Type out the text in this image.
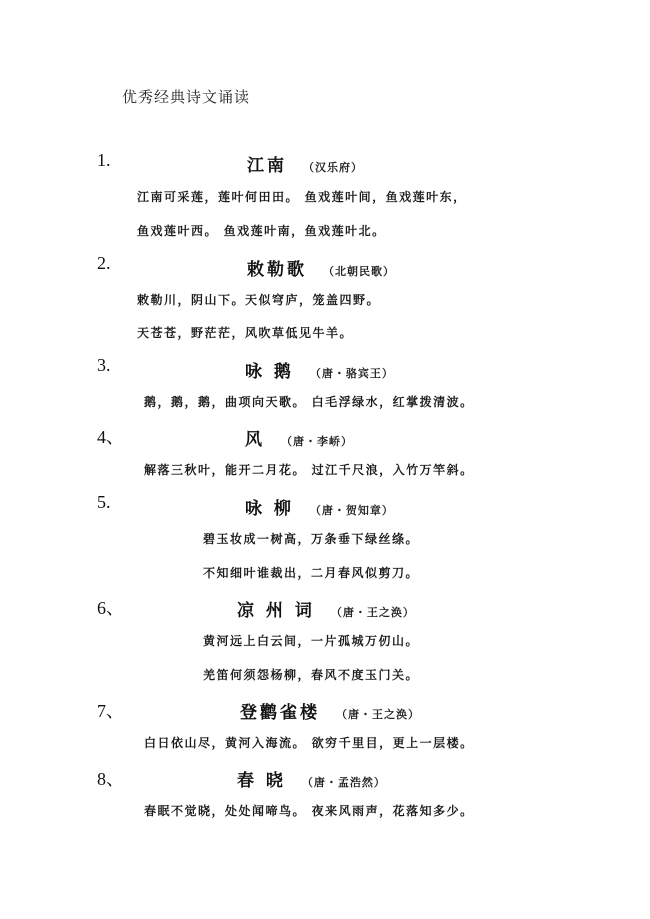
优秀经典诗文诵读
1.	江南 （汉乐府）
江南可采莲，莲叶何田田。 鱼戏莲叶间，鱼戏莲叶东，
鱼戏莲叶西。 鱼戏莲叶南，鱼戏莲叶北。
2.	敕勒歌 （北朝民歌）
敕勒川，阴山下。天似穹庐，笼盖四野。
天苍苍，野茫茫，风吹草低见牛羊。
3.	咏 鹅 （唐・骆宾王）
鹅，鹅，鹅，曲项向天歌。 白毛浮绿水，红掌拨清波。
4、	风 （唐・李峤）
解落三秋叶，能开二月花。 过江千尺浪，入竹万竿斜。
5.	咏 柳 （唐・贺知章）
碧玉妆成一树高，万条垂下绿丝绦。
不知细叶谁裁出，二月春风似剪刀。
6、	凉 州 词 （唐・王之涣）
黄河远上白云间，一片孤城万仞山。
羌笛何须怨杨柳，春风不度玉门关。
7、	登鹳雀楼 （唐・王之涣）
白日依山尽，黄河入海流。 欲穷千里目，更上一层楼。
8、	春 晓 （唐・孟浩然）
春眠不觉晓，处处闻啼鸟。 夜来风雨声，花落知多少。
